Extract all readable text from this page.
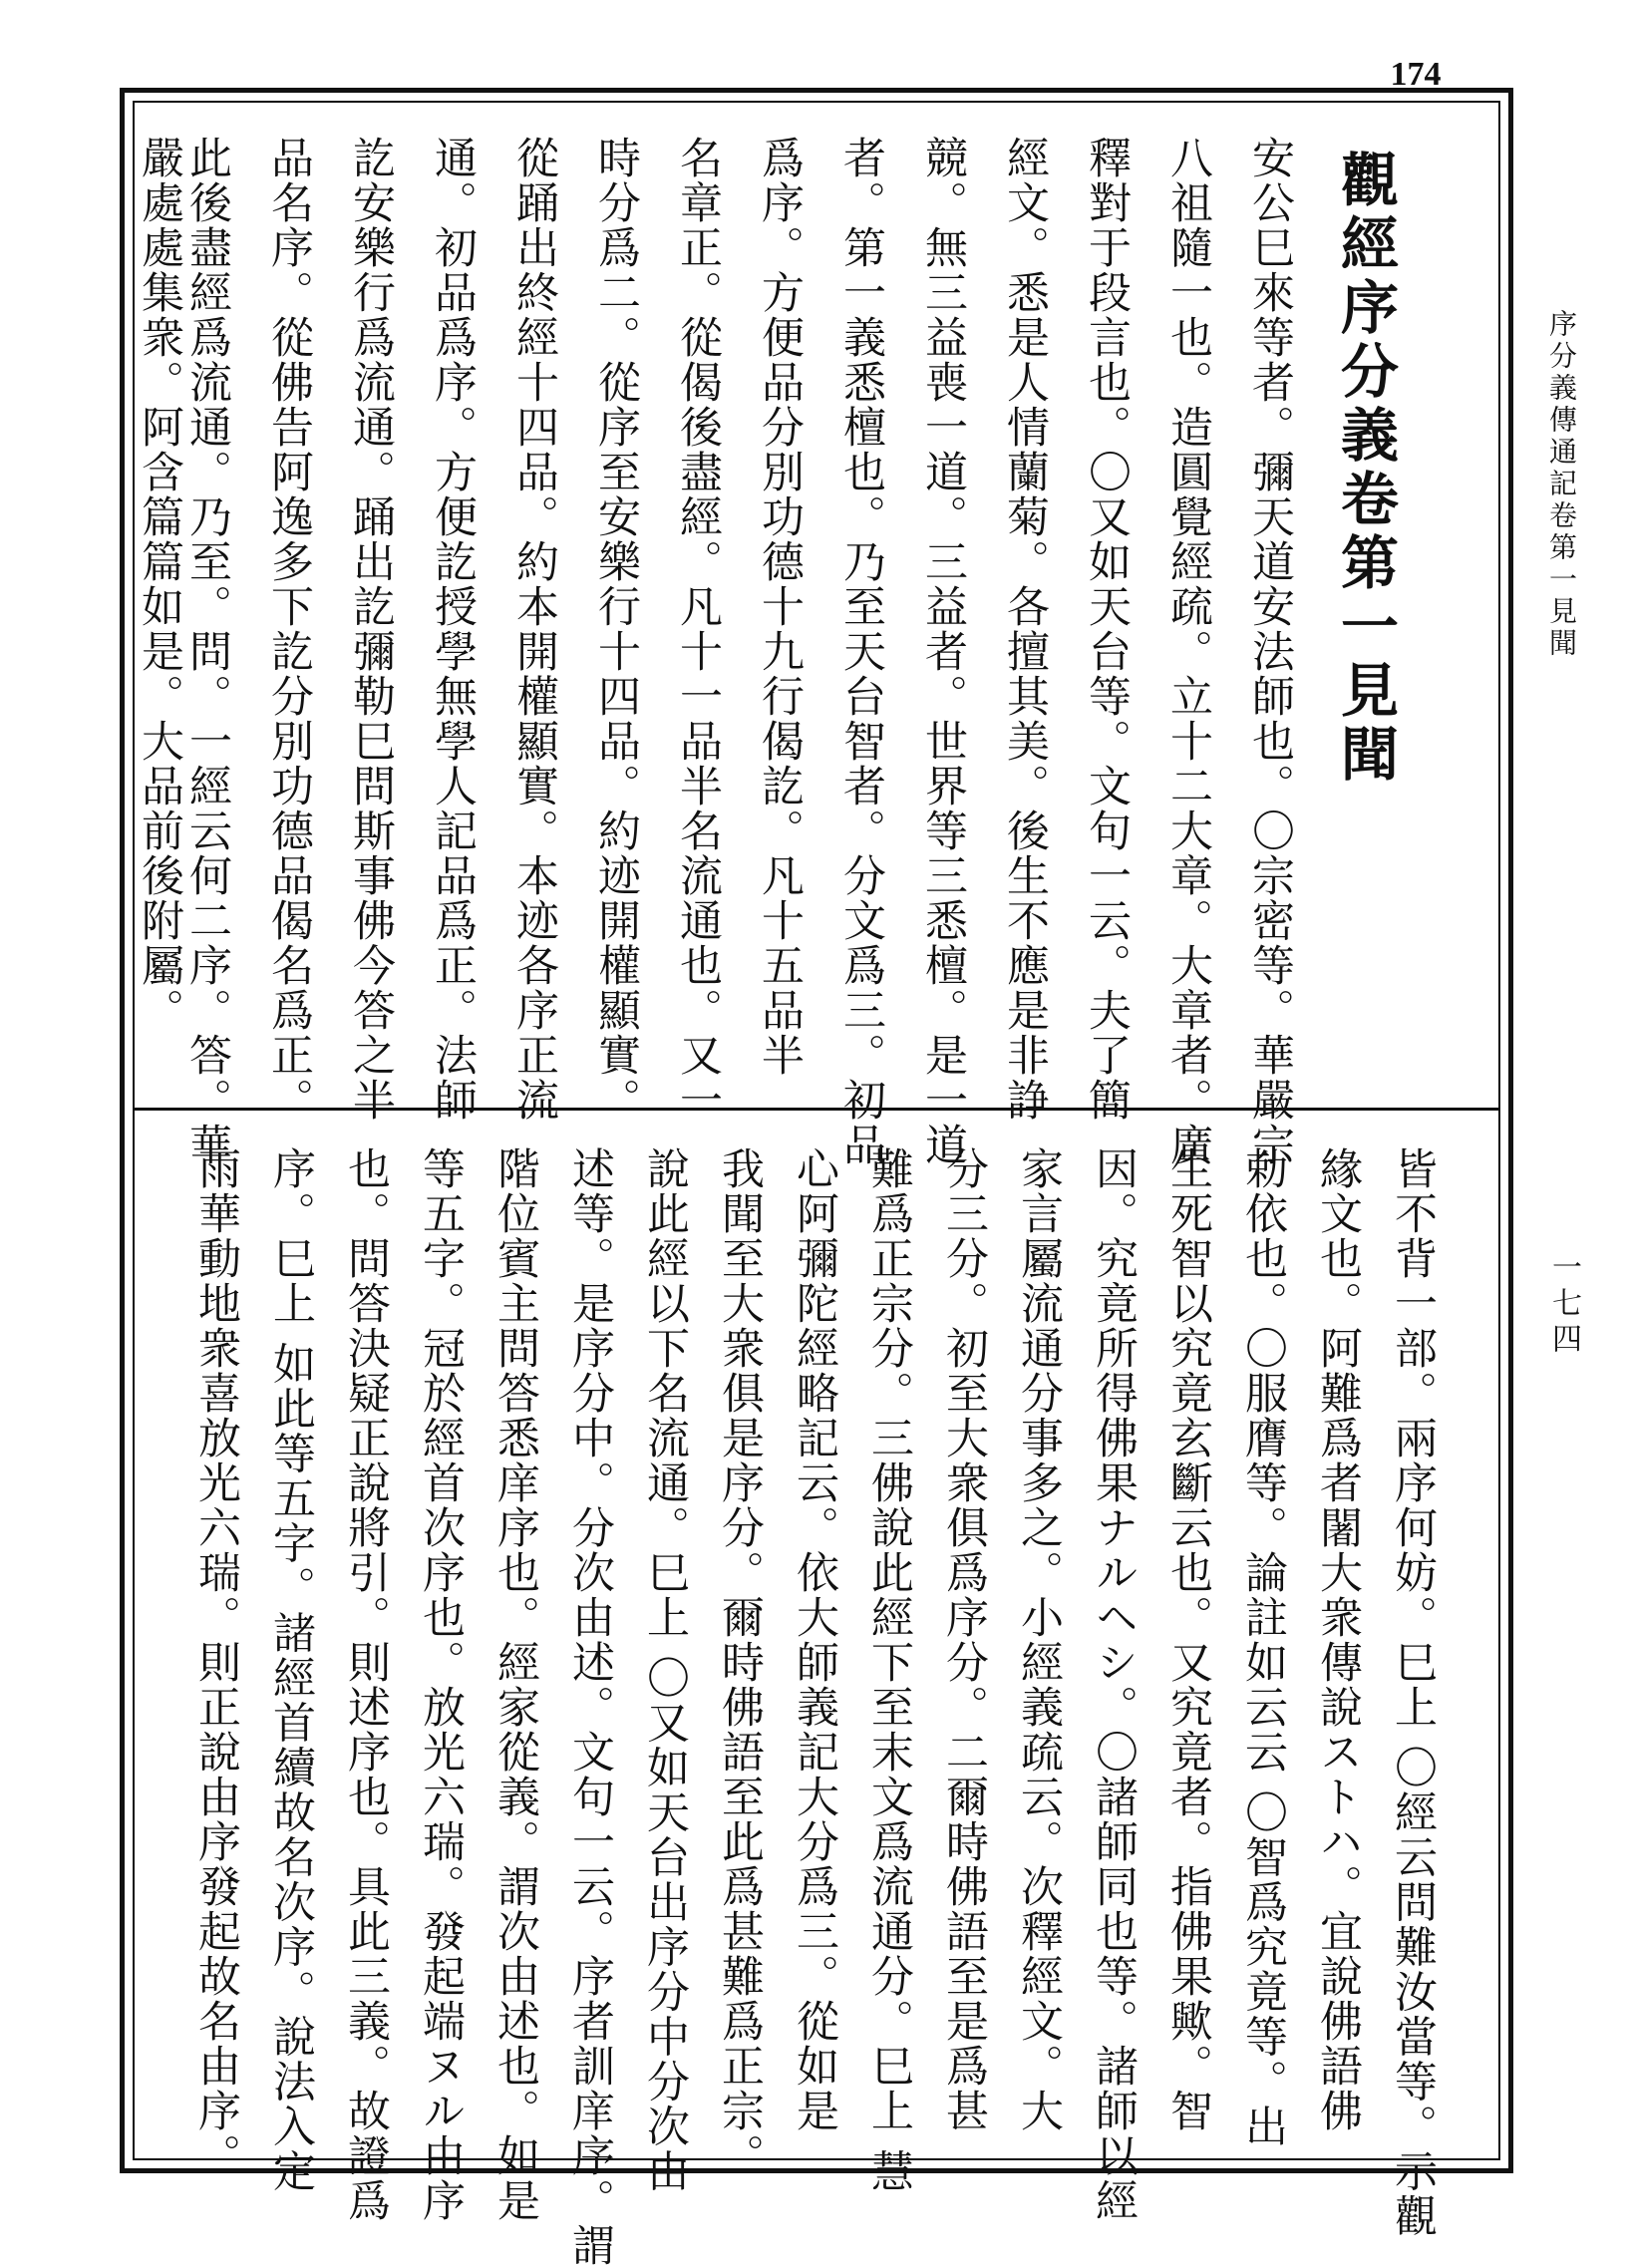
174
序分義傳通記卷第一見聞
一七四
觀經序分義卷第一見聞
安公巳來等者。彌天道安法師也。〇宗密等。華嚴宗
八祖隨一也。造圓覺經疏。立十二大章。大章者。廣
釋對于段言也。〇又如天台等。文句一云。夫了簡
經文。悉是人情蘭菊。各擅其美。後生不應是非諍
競。無三益喪一道。三益者。世界等三悉檀。是一道
者。第一義悉檀也。乃至天台智者。分文爲三。初品
爲序。方便品分別功德十九行偈訖。凡十五品半
名章正。從偈後盡經。凡十一品半名流通也。又一
時分爲二。從序至安樂行十四品。約迹開權顯實。
從踊出終經十四品。約本開權顯實。本迹各序正流
通。初品爲序。方便訖授學無學人記品爲正。法師
訖安樂行爲流通。踊出訖彌勒巳問斯事佛今答之半
品名序。從佛告阿逸多下訖分別功德品偈名爲正。
此後盡經爲流通。乃至。問。一經云何二序。答。華
嚴處處集衆。阿含篇篇如是。大品前後附屬。
皆不背一部。兩序何妨。巳上 〇經云問難汝當等。示觀
緣文也。阿難爲者闍大衆傳說ストハ。宜說佛語佛
勅依也。〇服膺等。論註如云云 〇智爲究竟等。出
生死智以究竟玄斷云也。又究竟者。指佛果歟。智
因。究竟所得佛果ナルヘシ。〇諸師同也等。諸師以經
家言屬流通分事多之。小經義疏云。次釋經文。大
分三分。初至大衆俱爲序分。二爾時佛語至是爲甚
難爲正宗分。三佛說此經下至末文爲流通分。巳上 慧
心阿彌陀經略記云。依大師義記大分爲三。從如是
我聞至大衆俱是序分。爾時佛語至此爲甚難爲正宗。
說此經以下名流通。巳上 〇又如天台出序分中分次由
述等。是序分中。分次由述。文句一云。序者訓庠序。謂
階位賓主問答悉庠序也。經家從義。謂次由述也。如是
等五字。冠於經首次序也。放光六瑞。發起端ヌル由序
也。問答決疑正說將引。則述序也。具此三義。故證爲
序。巳上 如此等五字。諸經首續故名次序。說法入定
雨華動地衆喜放光六瑞。則正說由序發起故名由序。
